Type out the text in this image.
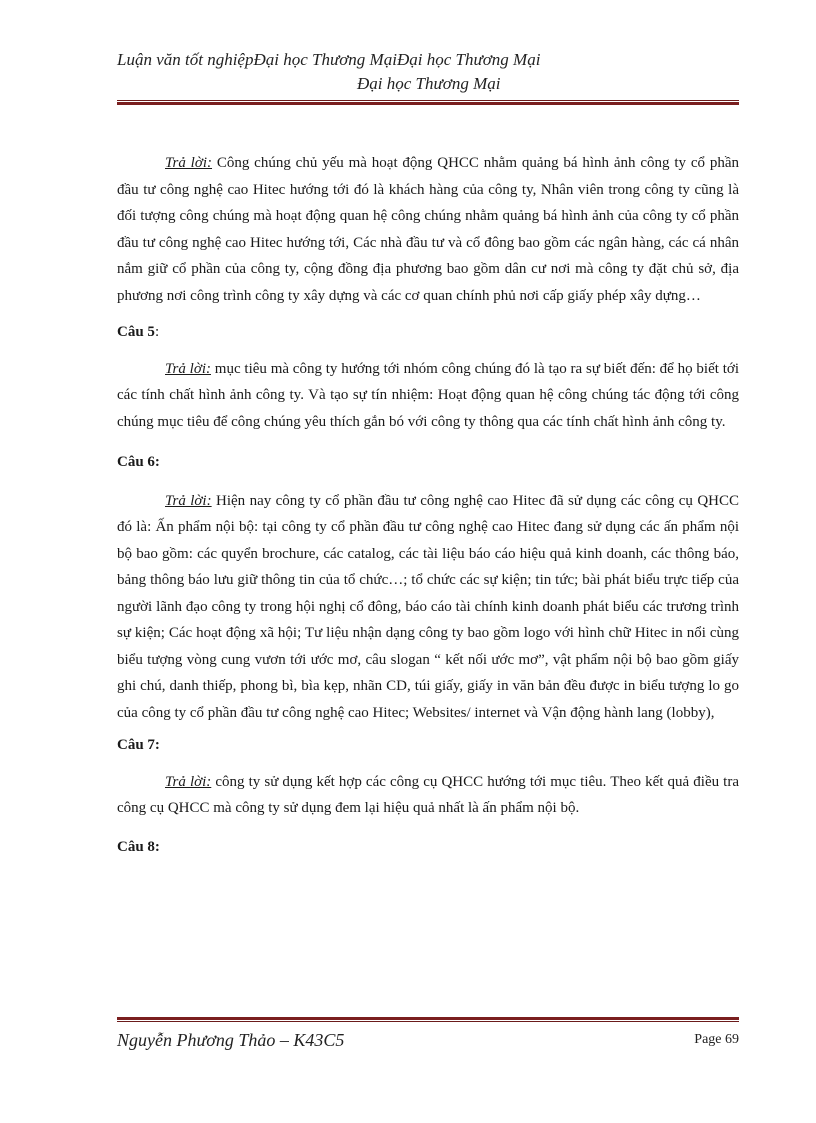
Luận văn tốt nghiệpĐại học Thương MạiĐại học Thương Mại
Đại học Thương Mại

Trả lời: Công chúng chủ yếu mà hoạt động QHCC nhằm quảng bá hình ảnh công ty cổ phần đầu tư công nghệ cao Hitec hướng tới đó là khách hàng của công ty, Nhân viên trong công ty cũng là đối tượng công chúng mà hoạt động quan hệ công chúng nhằm quảng bá hình ảnh của công ty cổ phần đầu tư công nghệ cao Hitec hướng tới, Các nhà đầu tư và cổ đông bao gồm các ngân hàng, các cá nhân nắm giữ cổ phần của công ty, cộng đồng địa phương bao gồm dân cư nơi mà công ty đặt chủ sở, địa phương nơi công trình công ty xây dựng và các cơ quan chính phủ nơi cấp giấy phép xây dựng…

Câu 5:

Trả lời: mục tiêu mà công ty hướng tới nhóm công chúng đó là tạo ra sự biết đến: để họ biết tới các tính chất hình ảnh công ty. Và tạo sự tín nhiệm: Hoạt động quan hệ công chúng tác động tới công chúng mục tiêu để công chúng yêu thích gắn bó với công ty thông qua các tính chất hình ảnh công ty.

Câu 6:

Trả lời: Hiện nay công ty cổ phần đầu tư công nghệ cao Hitec đã sử dụng các công cụ QHCC đó là: Ấn phẩm nội bộ: tại công ty cổ phần đầu tư công nghệ cao Hitec đang sử dụng các ấn phẩm nội bộ bao gồm: các quyển brochure, các catalog, các tài liệu báo cáo hiệu quả kinh doanh, các thông báo, bảng thông báo lưu giữ thông tin của tổ chức…; tổ chức các sự kiện; tin tức; bài phát biểu trực tiếp của người lãnh đạo công ty trong hội nghị cổ đông, báo cáo tài chính kinh doanh phát biểu các trương trình sự kiện; Các hoạt động xã hội; Tư liệu nhận dạng công ty bao gồm logo với hình chữ Hitec in nổi cùng biểu tượng vòng cung vươn tới ước mơ, câu slogan “ kết nối ước mơ”, vật phẩm nội bộ bao gồm giấy ghi chú, danh thiếp, phong bì, bìa kẹp, nhãn CD, túi giấy, giấy in văn bản đều được in biểu tượng lo go của công ty cổ phần đầu tư công nghệ cao Hitec; Websites/ internet và Vận động hành lang (lobby),

Câu 7:

Trả lời: công ty sử dụng kết hợp các công cụ QHCC hướng tới mục tiêu. Theo kết quả điều tra công cụ QHCC mà công ty sử dụng đem lại hiệu quả nhất là ấn phẩm nội bộ.

Câu 8:

Nguyễn Phương Thảo – K43C5	Page 69
